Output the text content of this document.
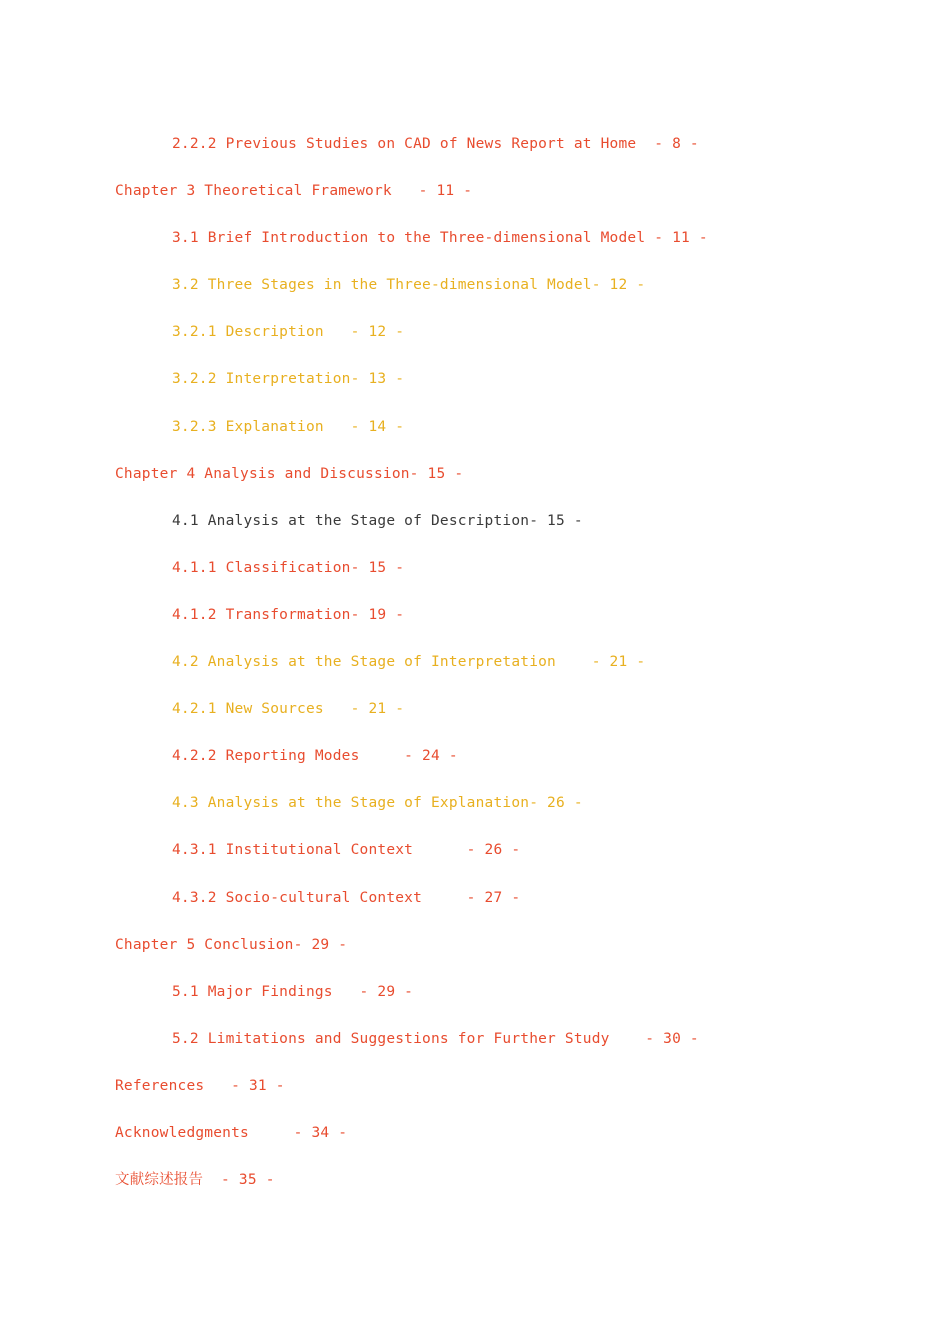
2.2.2 Previous Studies on CAD of News Report at Home  - 8 -
Chapter 3 Theoretical Framework   - 11 -
3.1 Brief Introduction to the Three-dimensional Model - 11 -
3.2 Three Stages in the Three-dimensional Model- 12 -
3.2.1 Description   - 12 -
3.2.2 Interpretation- 13 -
3.2.3 Explanation   - 14 -
Chapter 4 Analysis and Discussion- 15 -
4.1 Analysis at the Stage of Description- 15 -
4.1.1 Classification- 15 -
4.1.2 Transformation- 19 -
4.2 Analysis at the Stage of Interpretation    - 21 -
4.2.1 New Sources   - 21 -
4.2.2 Reporting Modes     - 24 -
4.3 Analysis at the Stage of Explanation- 26 -
4.3.1 Institutional Context      - 26 -
4.3.2 Socio-cultural Context     - 27 -
Chapter 5 Conclusion- 29 -
5.1 Major Findings   - 29 -
5.2 Limitations and Suggestions for Further Study    - 30 -
References   - 31 -
Acknowledgments     - 34 -
文献综述报告  - 35 -
